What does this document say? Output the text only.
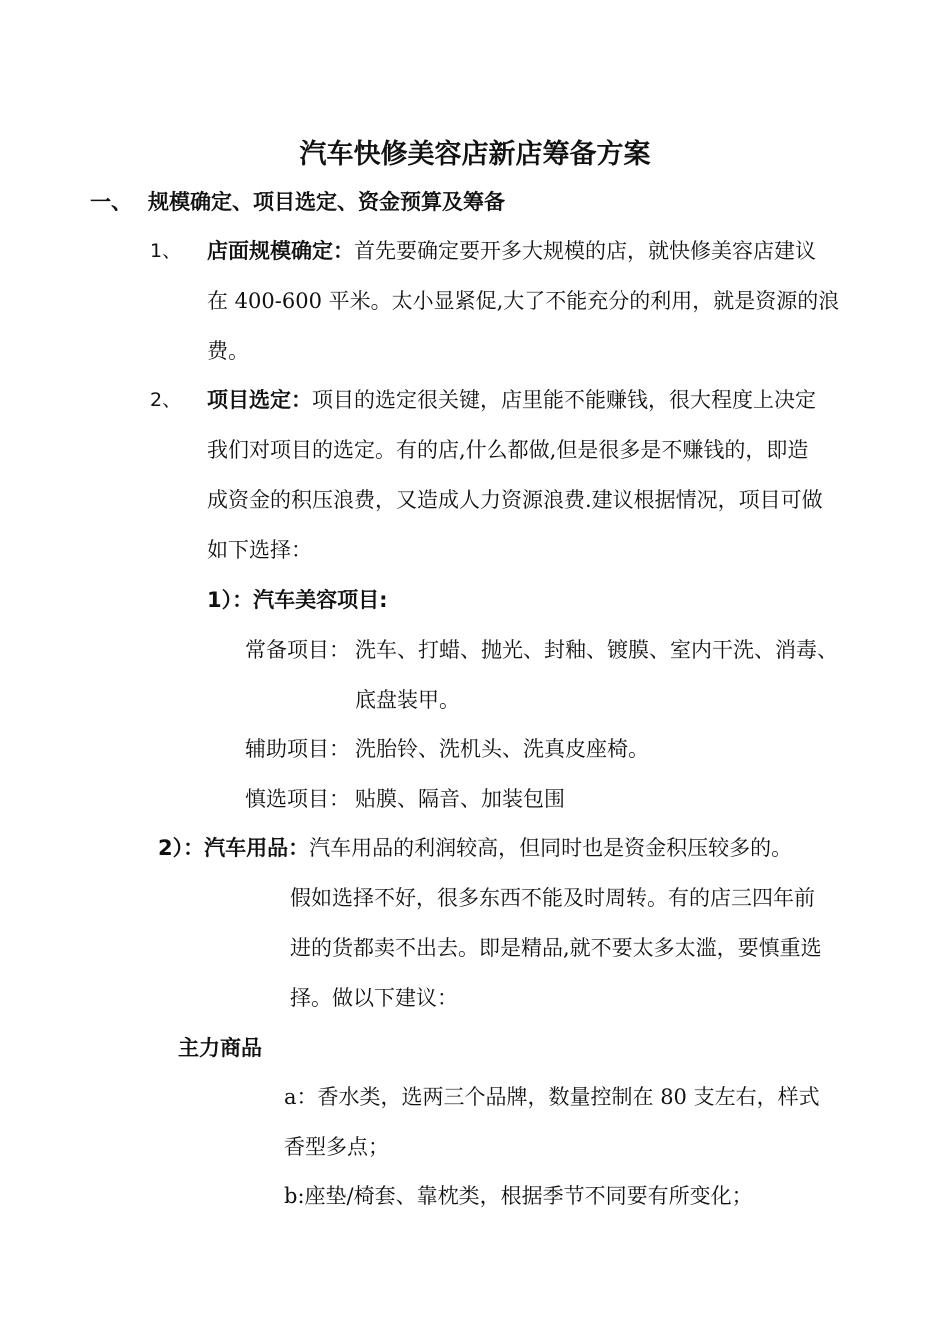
汽车快修美容店新店筹备方案
一、 规模确定、项目选定、资金预算及筹备
1、 店面规模确定：首先要确定要开多大规模的店，就快修美容店建议
在 400-600 平米。太小显紧促,大了不能充分的利用，就是资源的浪
费。
2、 项目选定：项目的选定很关键，店里能不能赚钱，很大程度上决定
我们对项目的选定。有的店,什么都做,但是很多是不赚钱的，即造
成资金的积压浪费，又造成人力资源浪费.建议根据情况，项目可做
如下选择：
1）：汽车美容项目:
常备项目： 洗车、打蜡、抛光、封釉、镀膜、室内干洗、消毒、
底盘装甲。
辅助项目： 洗胎铃、洗机头、洗真皮座椅。
慎选项目： 贴膜、隔音、加装包围
2）：汽车用品：汽车用品的利润较高，但同时也是资金积压较多的。
假如选择不好，很多东西不能及时周转。有的店三四年前
进的货都卖不出去。即是精品,就不要太多太滥，要慎重选
择。做以下建议：
主力商品
a：香水类，选两三个品牌，数量控制在 80 支左右，样式
香型多点；
b:座垫/椅套、靠枕类，根据季节不同要有所变化；
